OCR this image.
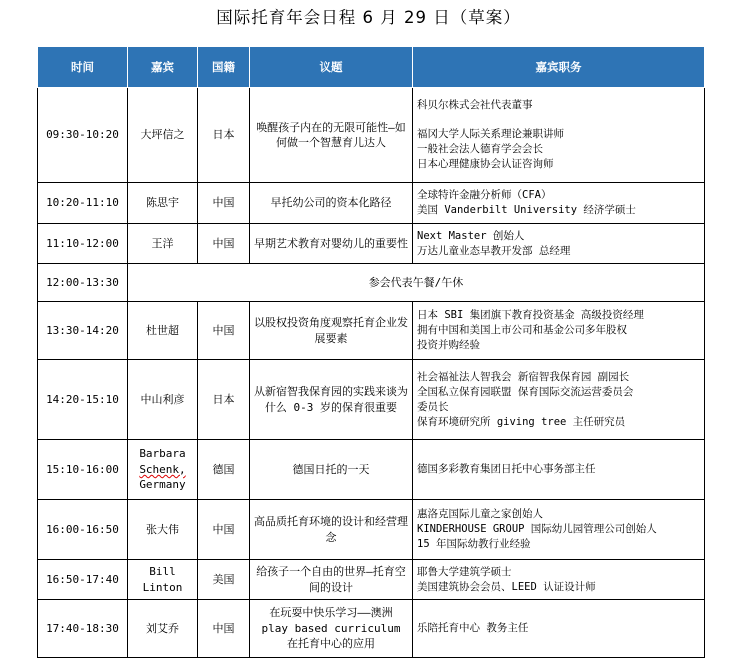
国际托育年会日程 6 月 29 日（草案）
时间	嘉宾	国籍	议题	嘉宾职务
09:30-10:20	大坪信之	日本	唤醒孩子内在的无限可能性—如何做一个智慧育儿达人	科贝尔株式会社代表董事
福冈大学人际关系理论兼职讲师
一般社会法人德育学会会长
日本心理健康协会认证咨询师

10:20-11:10	陈思宇	中国	早托幼公司的资本化路径	全球特许金融分析师（CFA）
美国 Vanderbilt University 经济学硕士

11:10-12:00	王洋	中国	早期艺术教育对婴幼儿的重要性	Next Master 创始人
万达儿童业态早教开发部 总经理

12:00-13:30	参会代表午餐/午休			
13:30-14:20	杜世超	中国	以股权投资角度观察托育企业发展要素	日本 SBI 集团旗下教育投资基金 高级投资经理
拥有中国和美国上市公司和基金公司多年股权
投资并购经验

14:20-15:10	中山利彦	日本	从新宿智我保育园的实践来谈为什么 0-3 岁的保育很重要	社会福祉法人智我会 新宿智我保育园 副园长
全国私立保育园联盟 保育国际交流运营委员会
委员长
保育环境研究所 giving tree 主任研究员

15:10-16:00	Barbara
Schenk,
Germany	德国	德国日托的一天	德国多彩教育集团日托中心事务部主任

16:00-16:50	张大伟	中国	高品质托育环境的设计和经营理念	惠洛克国际儿童之家创始人
KINDERHOUSE GROUP 国际幼儿园管理公司创始人
15 年国际幼教行业经验

16:50-17:40	Bill
Linton	美国	给孩子一个自由的世界—托育空间的设计	耶鲁大学建筑学硕士
美国建筑协会会员、LEED 认证设计师

17:40-18:30	刘艾乔	中国	在玩耍中快乐学习——澳洲 play based curriculum 在托育中心的应用	乐陪托育中心 教务主任
